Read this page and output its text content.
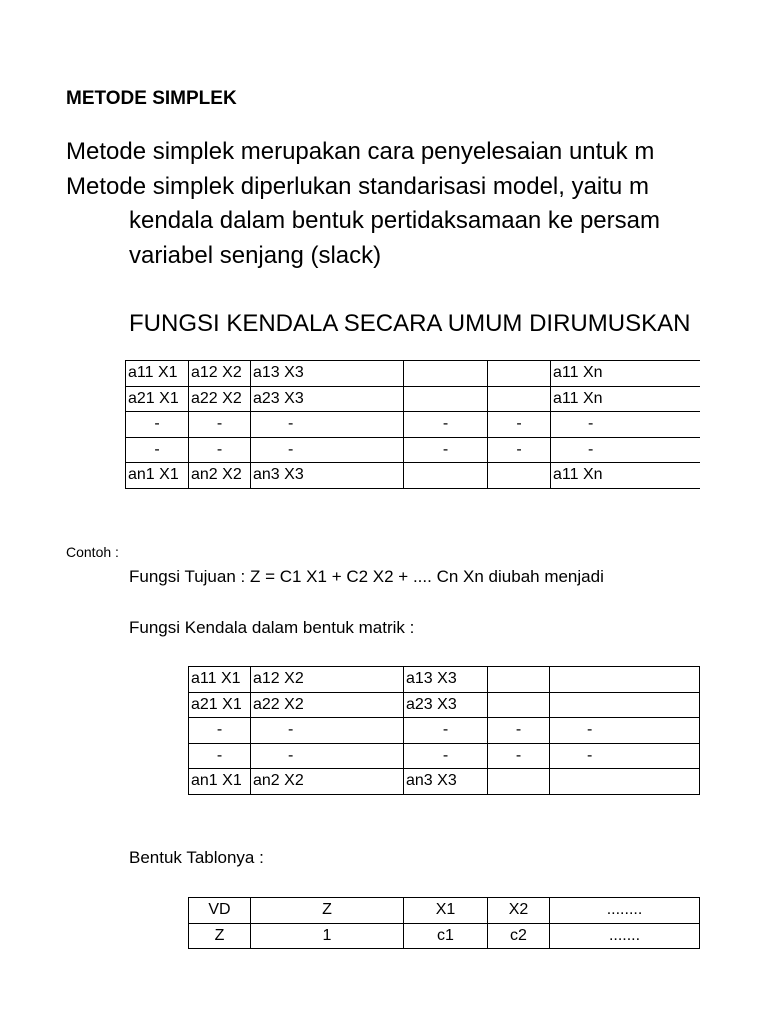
METODE SIMPLEK
Metode simplek merupakan cara penyelesaian untuk m
Metode simplek diperlukan standarisasi model, yaitu m
kendala dalam bentuk pertidaksamaan ke persam
variabel senjang (slack)
FUNGSI KENDALA SECARA UMUM DIRUMUSKAN
a11 X1	a12 X2	a13 X3			a11 Xn
a21 X1	a22 X2	a23 X3			a11 Xn
-	-	-	-	-	-
-	-	-	-	-	-
an1 X1	an2 X2	an3 X3			a11 Xn
Contoh :
Fungsi Tujuan : Z = C1 X1 + C2 X2 + .... Cn Xn diubah menjadi
Fungsi Kendala dalam bentuk matrik :
a11 X1	a12 X2	a13 X3		
a21 X1	a22 X2	a23 X3		
-	-	-	-	-
-	-	-	-	-
an1 X1	an2 X2	an3 X3		
Bentuk Tablonya :
VD	Z	X1	X2	........
Z	1	c1	c2	.......
